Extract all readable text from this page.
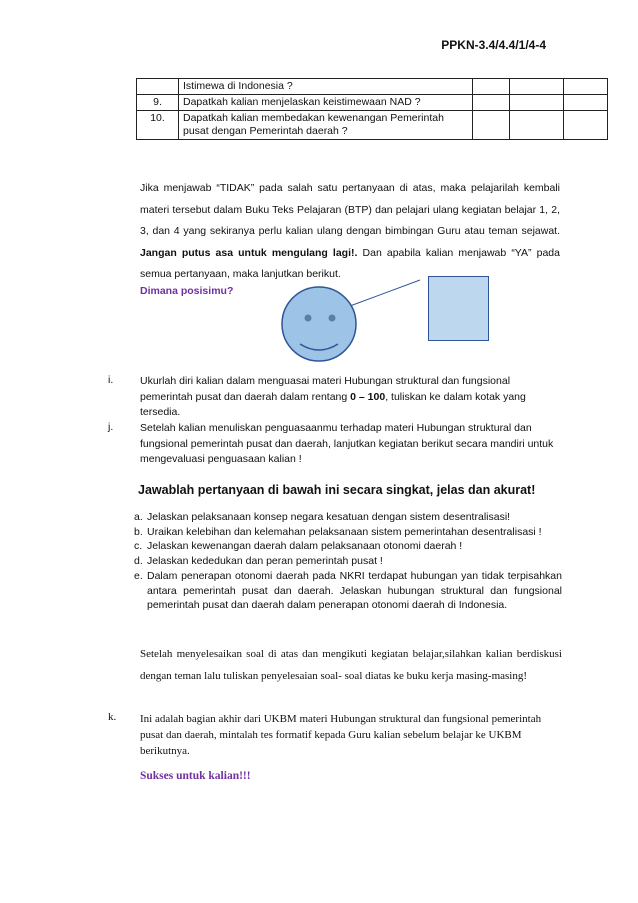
PPKN-3.4/4.4/1/4-4
	Istimewa di Indonesia ?			
9.	Dapatkah kalian menjelaskan keistimewaan NAD ?			
10.	Dapatkah kalian membedakan kewenangan Pemerintah pusat dengan Pemerintah daerah ?			
Jika menjawab “TIDAK” pada salah satu pertanyaan di atas, maka pelajarilah kembali materi tersebut dalam Buku Teks Pelajaran (BTP) dan pelajari ulang kegiatan belajar 1, 2, 3, dan 4 yang sekiranya perlu kalian ulang dengan bimbingan Guru atau teman sejawat. Jangan putus asa untuk mengulang lagi!. Dan apabila kalian menjawab “YA” pada semua pertanyaan, maka lanjutkan berikut.
Dimana posisimu?
i.	Ukurlah diri kalian dalam menguasai materi Hubungan struktural dan fungsional pemerintah pusat dan daerah dalam rentang 0 – 100, tuliskan ke dalam kotak yang tersedia.
j.	Setelah kalian menuliskan penguasaanmu terhadap materi Hubungan struktural dan fungsional pemerintah pusat dan daerah, lanjutkan kegiatan berikut secara mandiri untuk mengevaluasi penguasaan kalian !
Jawablah pertanyaan di bawah ini secara singkat, jelas dan akurat!
a. Jelaskan pelaksanaan konsep negara kesatuan dengan sistem desentralisasi!
b. Uraikan kelebihan dan kelemahan pelaksanaan sistem pemerintahan desentralisasi !
c. Jelaskan kewenangan daerah dalam pelaksanaan otonomi daerah !
d. Jelaskan kededukan dan peran pemerintah pusat !
e. Dalam penerapan otonomi daerah pada NKRI terdapat hubungan yan tidak terpisahkan antara pemerintah pusat dan daerah. Jelaskan hubungan struktural dan fungsional pemerintah pusat dan daerah dalam penerapan otonomi daerah di Indonesia.
Setelah menyelesaikan soal di atas dan mengikuti kegiatan belajar,silahkan kalian berdiskusi dengan teman lalu tuliskan penyelesaian soal- soal diatas ke buku kerja masing-masing!
k. Ini adalah bagian akhir dari UKBM materi Hubungan struktural dan fungsional pemerintah pusat dan daerah, mintalah tes formatif kepada Guru kalian sebelum belajar ke UKBM berikutnya.
Sukses untuk kalian!!!
